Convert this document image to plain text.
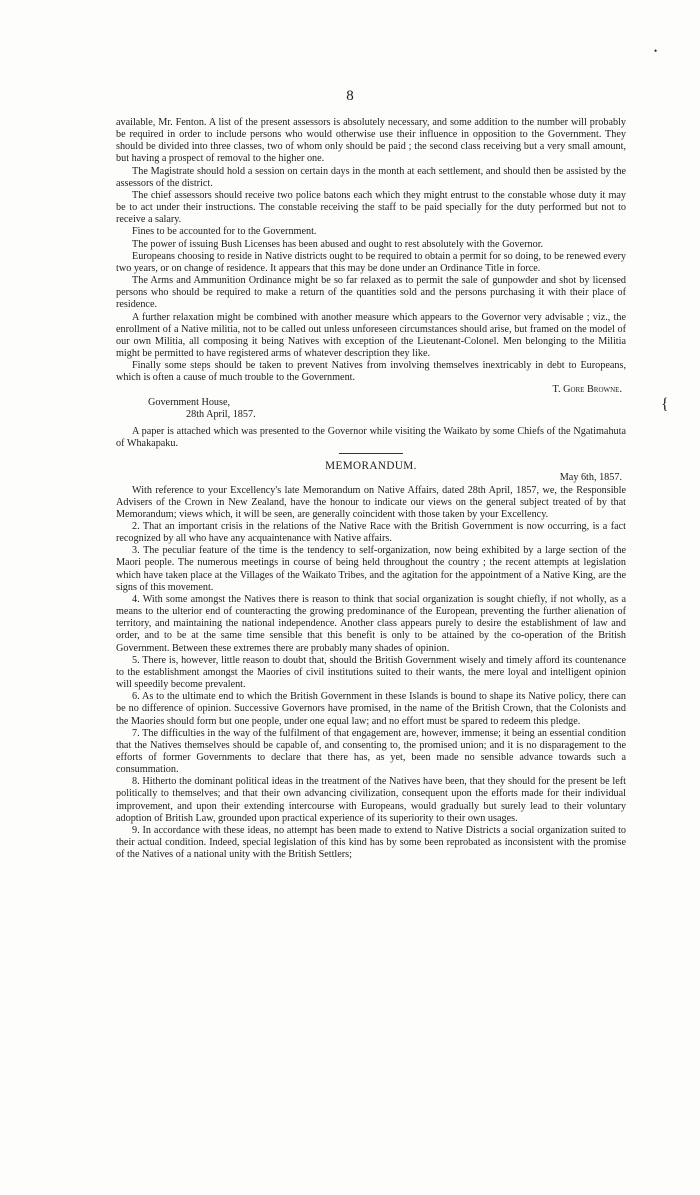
•
{
8

available, Mr. Fenton. A list of the present assessors is absolutely necessary, and some addition to the number will probably be required in order to include persons who would otherwise use their influence in opposition to the Government. They should be divided into three classes, two of whom only should be paid ; the second class receiving but a very small amount, but having a prospect of removal to the higher one.

The Magistrate should hold a session on certain days in the month at each settlement, and should then be assisted by the assessors of the district.

The chief assessors should receive two police batons each which they might entrust to the constable whose duty it may be to act under their instructions. The constable receiving the staff to be paid specially for the duty performed but not to receive a salary.

Fines to be accounted for to the Government.

The power of issuing Bush Licenses has been abused and ought to rest absolutely with the Governor.

Europeans choosing to reside in Native districts ought to be required to obtain a permit for so doing, to be renewed every two years, or on change of residence. It appears that this may be done under an Ordinance Title in force.

The Arms and Ammunition Ordinance might be so far relaxed as to permit the sale of gunpowder and shot by licensed persons who should be required to make a return of the quantities sold and the persons purchasing it with their place of residence.

A further relaxation might be combined with another measure which appears to the Governor very advisable ; viz., the enrollment of a Native militia, not to be called out unless unforeseen circumstances should arise, but framed on the model of our own Militia, all composing it being Natives with exception of the Lieutenant-Colonel. Men belonging to the Militia might be permitted to have registered arms of whatever description they like.

Finally some steps should be taken to prevent Natives from involving themselves inextricably in debt to Europeans, which is often a cause of much trouble to the Government.

T. Gore Browne.

Government House,

28th April, 1857.

A paper is attached which was presented to the Governor while visiting the Waikato by some Chiefs of the Ngatimahuta of Whakapaku.

MEMORANDUM.

May 6th, 1857.

With reference to your Excellency's late Memorandum on Native Affairs, dated 28th April, 1857, we, the Responsible Advisers of the Crown in New Zealand, have the honour to indicate our views on the general subject treated of by that Memorandum; views which, it will be seen, are generally coincident with those taken by your Excellency.

2. That an important crisis in the relations of the Native Race with the British Government is now occurring, is a fact recognized by all who have any acquaintenance with Native affairs.

3. The peculiar feature of the time is the tendency to self-organization, now being exhibited by a large section of the Maori people. The numerous meetings in course of being held throughout the country ; the recent attempts at legislation which have taken place at the Villages of the Waikato Tribes, and the agitation for the appointment of a Native King, are the signs of this movement.

4. With some amongst the Natives there is reason to think that social organization is sought chiefly, if not wholly, as a means to the ulterior end of counteracting the growing predominance of the European, preventing the further alienation of territory, and maintaining the national independence. Another class appears purely to desire the establishment of law and order, and to be at the same time sensible that this benefit is only to be attained by the co-operation of the British Government. Between these extremes there are probably many shades of opinion.

5. There is, however, little reason to doubt that, should the British Government wisely and timely afford its countenance to the establishment amongst the Maories of civil institutions suited to their wants, the mere loyal and intelligent opinion will speedily become prevalent.

6. As to the ultimate end to which the British Government in these Islands is bound to shape its Native policy, there can be no difference of opinion. Successive Governors have promised, in the name of the British Crown, that the Colonists and the Maories should form but one people, under one equal law; and no effort must be spared to redeem this pledge.

7. The difficulties in the way of the fulfilment of that engagement are, however, immense; it being an essential condition that the Natives themselves should be capable of, and consenting to, the promised union; and it is no disparagement to the efforts of former Governments to declare that there has, as yet, been made no sensible advance towards such a consummation.

8. Hitherto the dominant political ideas in the treatment of the Natives have been, that they should for the present be left politically to themselves; and that their own advancing civilization, consequent upon the efforts made for their individual improvement, and upon their extending intercourse with Europeans, would gradually but surely lead to their voluntary adoption of British Law, grounded upon practical experience of its superiority to their own usages.

9. In accordance with these ideas, no attempt has been made to extend to Native Districts a social organization suited to their actual condition. Indeed, special legislation of this kind has by some been reprobated as inconsistent with the promise of the Natives of a national unity with the British Settlers;
